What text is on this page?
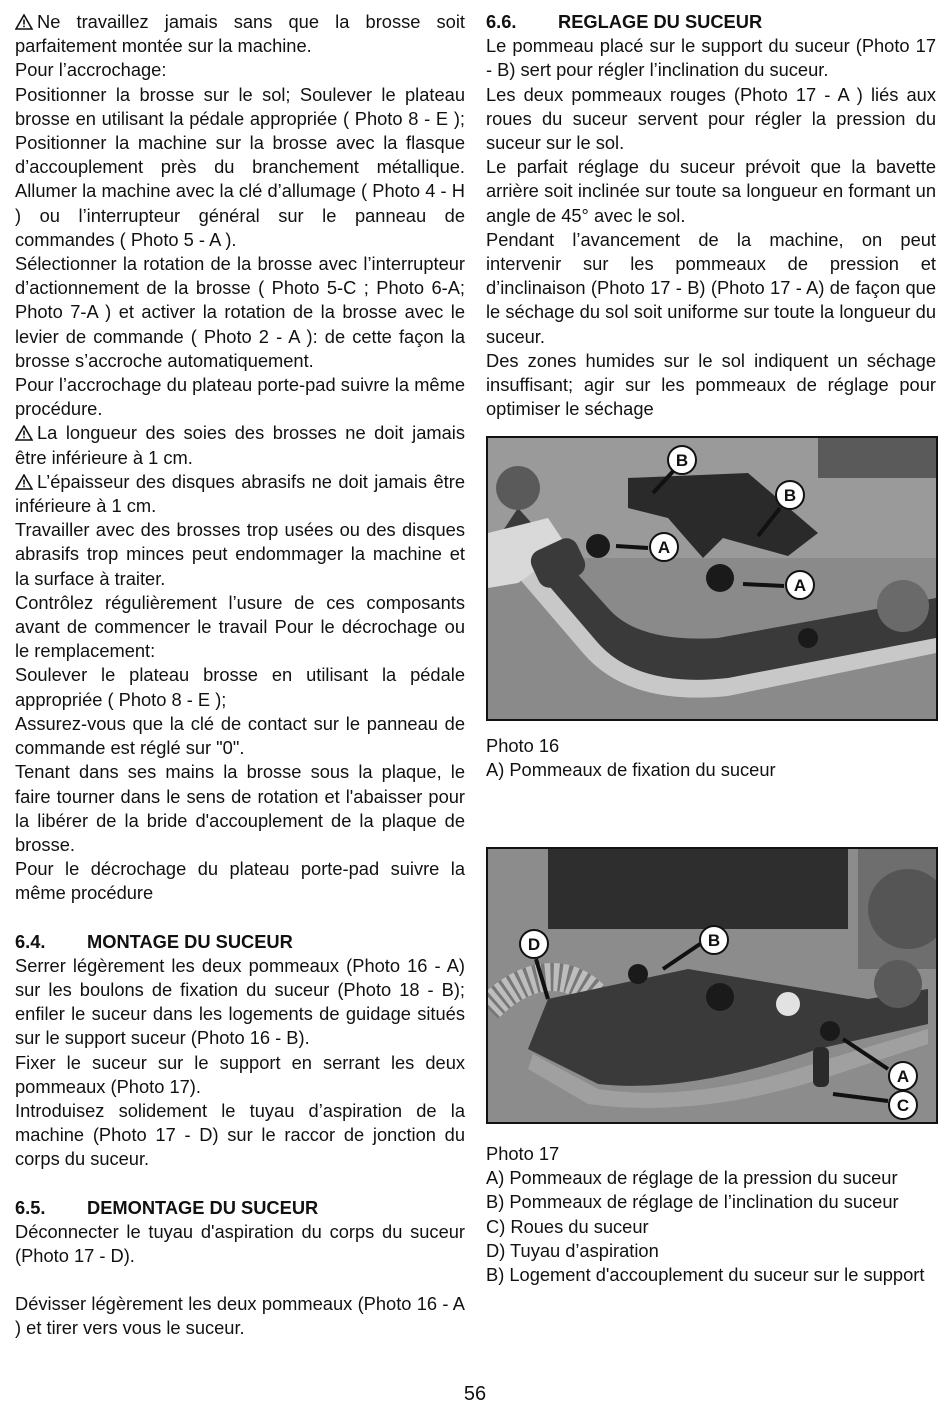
Ne travaillez jamais sans que la brosse soit parfaitement montée sur la machine.

Pour l’accrochage:

Positionner la brosse sur le sol; Soulever le plateau brosse en utilisant la pédale appropriée ( Photo 8 - E ); Positionner la machine sur la brosse avec la flasque d’accouplement près du branchement métallique. Allumer la machine avec la clé d’allumage ( Photo 4 - H ) ou l’interrupteur général sur le panneau de commandes ( Photo 5 - A ).

Sélectionner la rotation de la brosse avec l’interrupteur d’actionnement de la brosse ( Photo 5-C ; Photo 6-A; Photo 7-A ) et activer la rotation de la brosse avec le levier de commande ( Photo 2 - A ): de cette façon la brosse s’accroche automatiquement.

Pour l’accrochage du plateau porte-pad suivre la même procédure.

La longueur des soies des brosses ne doit jamais être inférieure à 1 cm.

L’épaisseur des disques abrasifs ne doit jamais être inférieure à 1 cm.

Travailler avec des brosses trop usées ou des disques abrasifs trop minces peut endommager la machine et la surface à traiter.

Contrôlez régulièrement l’usure de ces composants avant de commencer le travail Pour le décrochage ou le remplacement:

Soulever le plateau brosse en utilisant la pédale appropriée ( Photo 8 - E );

Assurez-vous que la clé de contact sur le panneau de commande est réglé sur "0".

Tenant dans ses mains la brosse sous la plaque, le faire tourner dans le sens de rotation et l'abaisser pour la libérer de la bride d'accouplement de la plaque de brosse.

Pour le décrochage du plateau porte-pad suivre la même procédure

6.4. MONTAGE DU SUCEUR

Serrer légèrement les deux pommeaux (Photo 16 - A) sur les boulons de fixation du suceur (Photo 18 - B); enfiler le suceur dans les logements de guidage situés sur le support suceur (Photo 16 - B).

Fixer le suceur sur le support en serrant les deux pommeaux (Photo 17).

Introduisez solidement le tuyau d’aspiration de la machine (Photo 17 - D) sur le raccor de jonction du corps du suceur.

6.5. DEMONTAGE DU SUCEUR

Déconnecter le tuyau d'aspiration du corps du suceur (Photo 17 - D).

Dévisser légèrement les deux pommeaux (Photo 16 - A ) et tirer vers vous le suceur.

6.6. REGLAGE DU SUCEUR

Le pommeau placé sur le support du suceur (Photo 17 - B) sert pour régler l’inclination du suceur.

Les deux pommeaux rouges (Photo 17 - A ) liés aux roues du suceur servent pour régler la pression du suceur sur le sol.

Le parfait réglage du suceur prévoit que la bavette arrière soit inclinée sur toute sa longueur en formant un angle de 45° avec le sol.

Pendant l’avancement de la machine, on peut intervenir sur les pommeaux de pression et d’inclinaison (Photo 17 - B) (Photo 17 - A) de façon que le séchage du sol soit uniforme sur toute la longueur du suceur.

Des zones humides sur le sol indiquent un séchage insuffisant; agir sur les pommeaux de réglage pour optimiser le séchage

B
B
A
A

Photo 16

A) Pommeaux de fixation du suceur

D	B
A
C

Photo 17

A) Pommeaux de réglage de la pression du suceur

B) Pommeaux de réglage de l’inclination du suceur

C) Roues du suceur

D) Tuyau d’aspiration

B) Logement d'accouplement du suceur sur le support

56
